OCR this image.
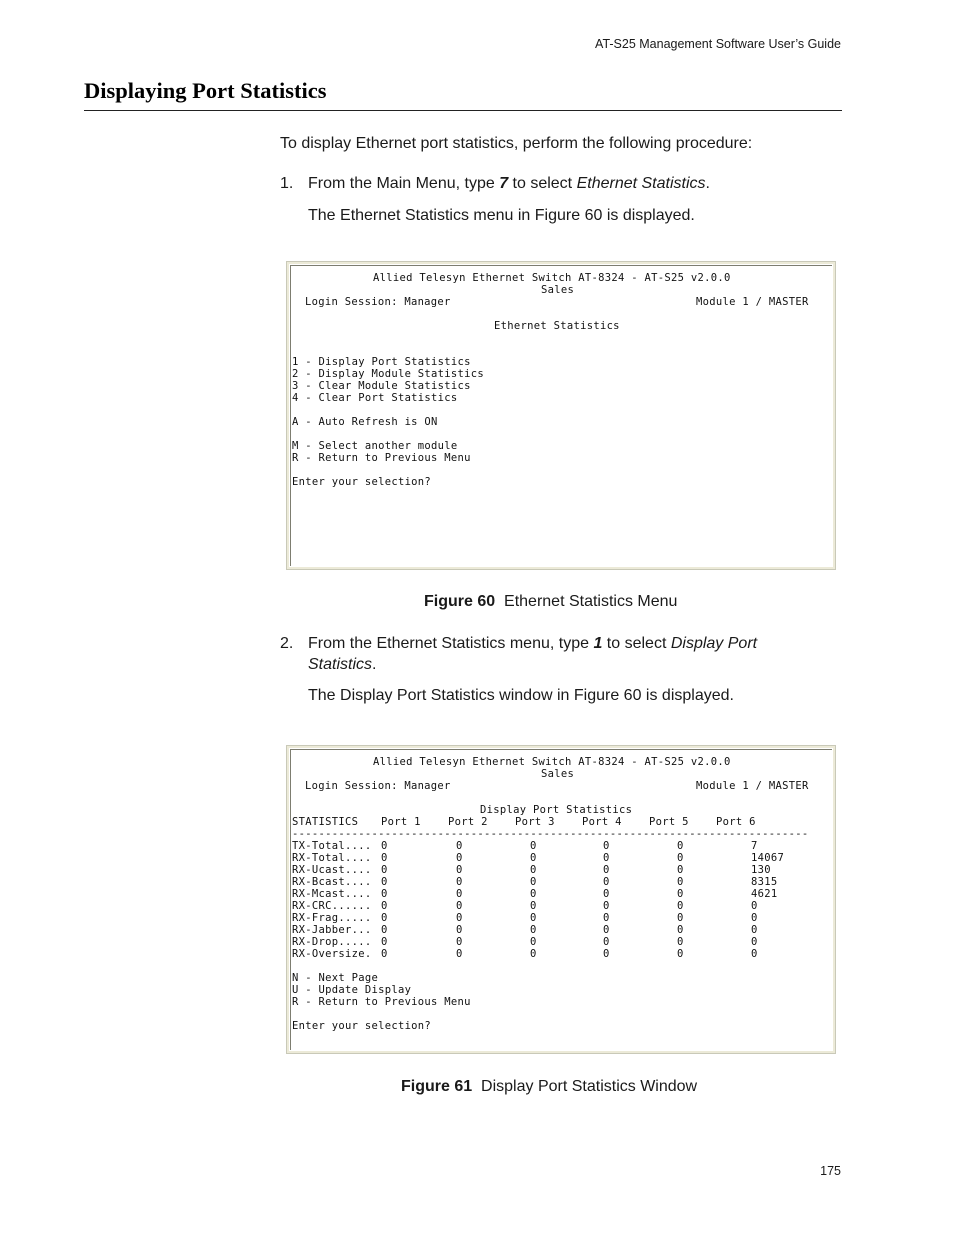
AT-S25 Management Software User’s Guide
Displaying Port Statistics
To display Ethernet port statistics, perform the following procedure:
1. From the Main Menu, type 7 to select Ethernet Statistics.
The Ethernet Statistics menu in Figure 60 is displayed.
Allied Telesyn Ethernet Switch AT-8324 - AT-S25 v2.0.0
Sales
Login Session: Manager	Module 1 / MASTER
Ethernet Statistics
1 - Display Port Statistics
2 - Display Module Statistics
3 - Clear Module Statistics
4 - Clear Port Statistics
A - Auto Refresh is ON
M - Select another module
R - Return to Previous Menu
Enter your selection?
Figure 60 Ethernet Statistics Menu
2. From the Ethernet Statistics menu, type 1 to select Display Port
Statistics.
The Display Port Statistics window in Figure 60 is displayed.
Allied Telesyn Ethernet Switch AT-8324 - AT-S25 v2.0.0
Sales
Login Session: Manager	Module 1 / MASTER
Display Port Statistics
STATISTICS Port 1	Port 2	Port 3	Port 4	Port 5	Port 6
------------------------------------------------------------------------------
TX-Total.... 0	0	0	0	0	7
RX-Total.... 0	0	0	0	0	14067
RX-Ucast.... 0	0	0	0	0	130
RX-Bcast.... 0	0	0	0	0	8315
RX-Mcast.... 0	0	0	0	0	4621
RX-CRC...... 0	0	0	0	0	0
RX-Frag..... 0	0	0	0	0	0
RX-Jabber... 0	0	0	0	0	0
RX-Drop..... 0	0	0	0	0	0
RX-Oversize. 0	0	0	0	0	0
N - Next Page
U - Update Display
R - Return to Previous Menu
Enter your selection?
Figure 61 Display Port Statistics Window
175
